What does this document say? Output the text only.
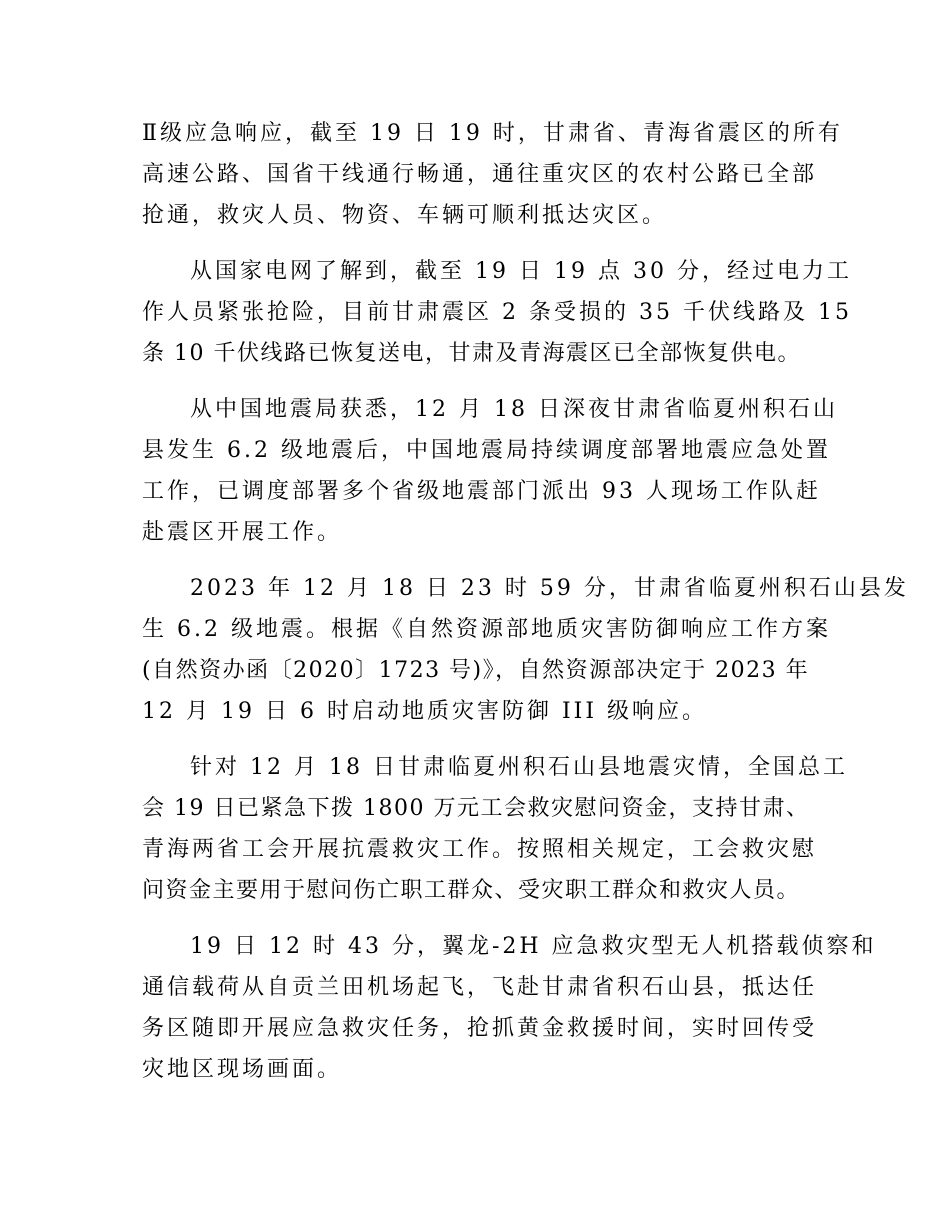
Ⅱ级应急响应，截至 19 日 19 时，甘肃省、青海省震区的所有
高速公路、国省干线通行畅通，通往重灾区的农村公路已全部
抢通，救灾人员、物资、车辆可顺利抵达灾区。
从国家电网了解到，截至 19 日 19 点 30 分，经过电力工
作人员紧张抢险，目前甘肃震区 2 条受损的 35 千伏线路及 15
条 10 千伏线路已恢复送电，甘肃及青海震区已全部恢复供电。
从中国地震局获悉，12 月 18 日深夜甘肃省临夏州积石山
县发生 6.2 级地震后，中国地震局持续调度部署地震应急处置
工作，已调度部署多个省级地震部门派出 93 人现场工作队赶
赴震区开展工作。
2023 年 12 月 18 日 23 时 59 分，甘肃省临夏州积石山县发
生 6.2 级地震。根据《自然资源部地质灾害防御响应工作方案
(自然资办函〔2020〕1723 号)》，自然资源部决定于 2023 年
12 月 19 日 6 时启动地质灾害防御 III 级响应。
针对 12 月 18 日甘肃临夏州积石山县地震灾情，全国总工
会 19 日已紧急下拨 1800 万元工会救灾慰问资金，支持甘肃、
青海两省工会开展抗震救灾工作。按照相关规定，工会救灾慰
问资金主要用于慰问伤亡职工群众、受灾职工群众和救灾人员。
19 日 12 时 43 分，翼龙-2H 应急救灾型无人机搭载侦察和
通信载荷从自贡兰田机场起飞，飞赴甘肃省积石山县，抵达任
务区随即开展应急救灾任务，抢抓黄金救援时间，实时回传受
灾地区现场画面。
